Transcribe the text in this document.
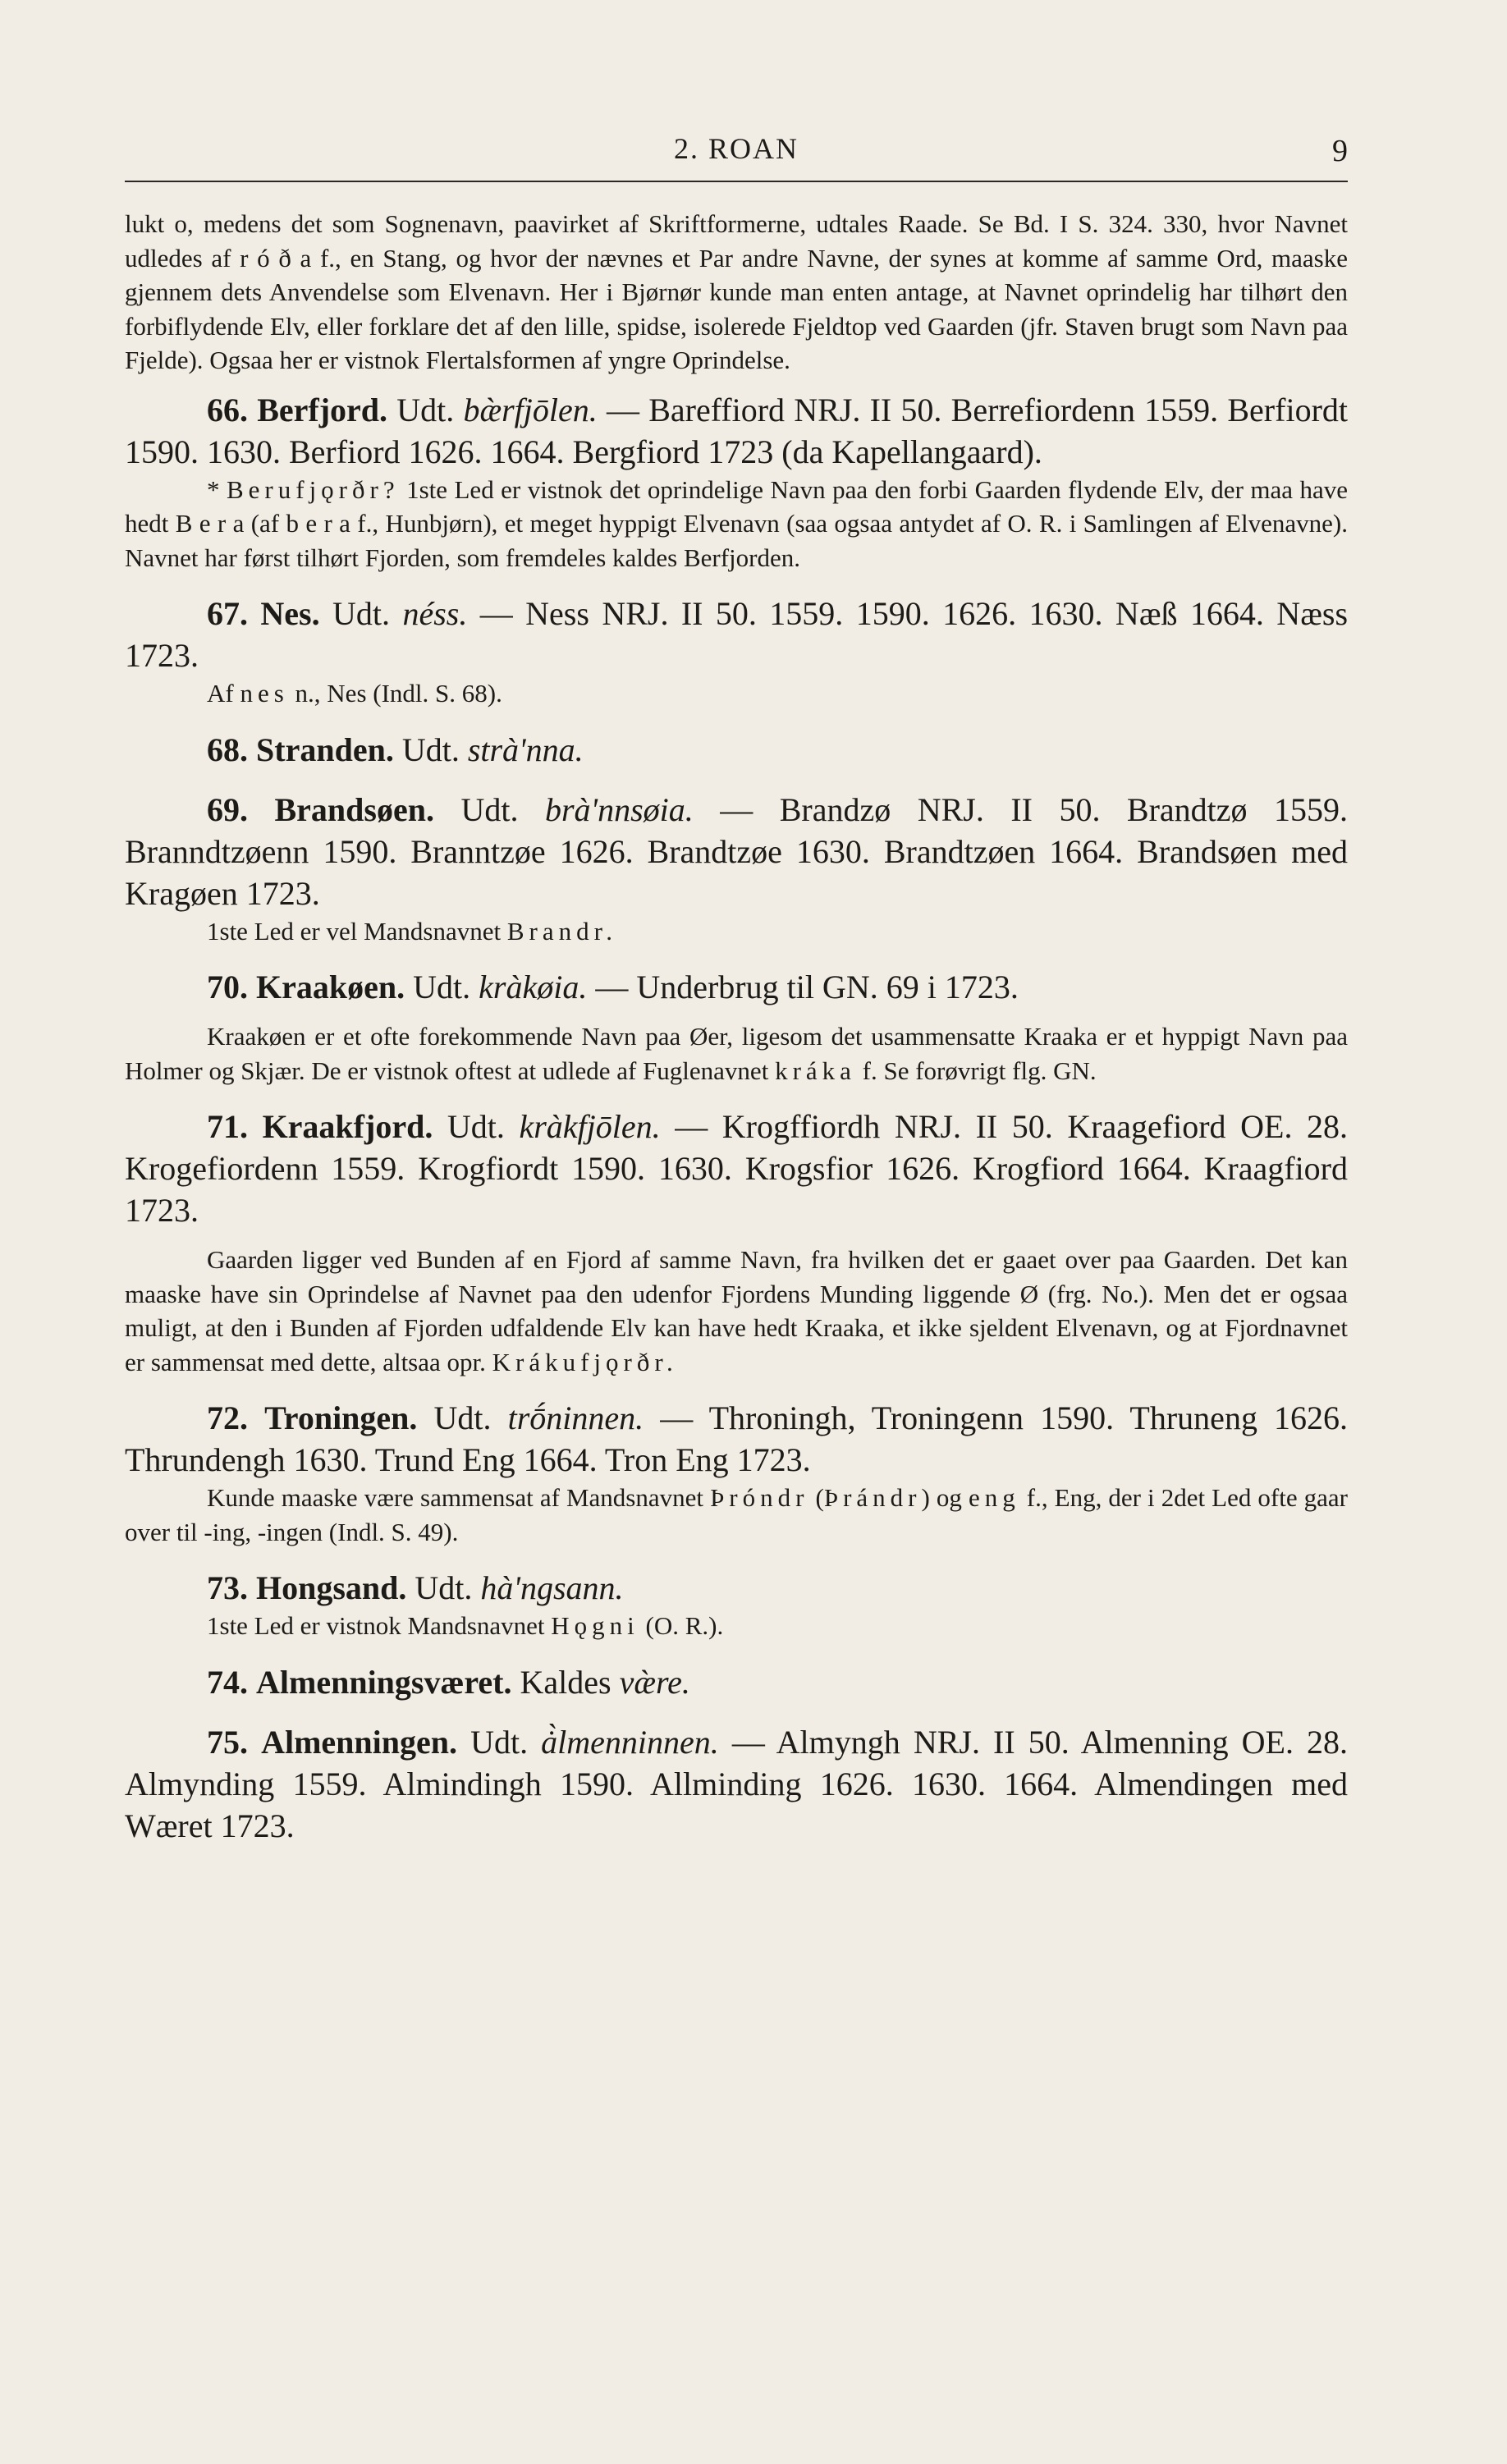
2. ROAN	9

lukt o, medens det som Sognenavn, paavirket af Skriftformerne, udtales Raade. Se Bd. I S. 324. 330, hvor Navnet udledes af r ó ð a f., en Stang, og hvor der nævnes et Par andre Navne, der synes at komme af samme Ord, maaske gjennem dets Anvendelse som Elvenavn. Her i Bjørnør kunde man enten antage, at Navnet oprindelig har tilhørt den forbiflydende Elv, eller forklare det af den lille, spidse, isolerede Fjeldtop ved Gaarden (jfr. Staven brugt som Navn paa Fjelde). Ogsaa her er vistnok Flertalsformen af yngre Oprindelse.

66. Berfjord. Udt. bæ̀rfjōlen. — Bareffiord NRJ. II 50. Berrefiordenn 1559. Berfiordt 1590. 1630. Berfiord 1626. 1664. Bergfiord 1723 (da Kapellangaard).

* Berufjǫrðr? 1ste Led er vistnok det oprindelige Navn paa den forbi Gaarden flydende Elv, der maa have hedt B e r a (af b e r a f., Hunbjørn), et meget hyppigt Elvenavn (saa ogsaa antydet af O. R. i Samlingen af Elvenavne). Navnet har først tilhørt Fjorden, som fremdeles kaldes Berfjorden.

67. Nes. Udt. néss. — Ness NRJ. II 50. 1559. 1590. 1626. 1630. Næß 1664. Næss 1723.

Af nes n., Nes (Indl. S. 68).

68. Stranden. Udt. strà'nna.

69. Brandsøen. Udt. brà'nnsøia. — Brandzø NRJ. II 50. Brandtzø 1559. Branndtzøenn 1590. Branntzøe 1626. Brandtzøe 1630. Brandtzøen 1664. Brandsøen med Kragøen 1723.

1ste Led er vel Mandsnavnet Brandr.

70. Kraakøen. Udt. kràkøia. — Underbrug til GN. 69 i 1723.

Kraakøen er et ofte forekommende Navn paa Øer, ligesom det usammensatte Kraaka er et hyppigt Navn paa Holmer og Skjær. De er vistnok oftest at udlede af Fuglenavnet kráka f. Se forøvrigt flg. GN.

71. Kraakfjord. Udt. kràkfjōlen. — Krogffiordh NRJ. II 50. Kraagefiord OE. 28. Krogefiordenn 1559. Krogfiordt 1590. 1630. Krogsfior 1626. Krogfiord 1664. Kraagfiord 1723.

Gaarden ligger ved Bunden af en Fjord af samme Navn, fra hvilken det er gaaet over paa Gaarden. Det kan maaske have sin Oprindelse af Navnet paa den udenfor Fjordens Munding liggende Ø (frg. No.). Men det er ogsaa muligt, at den i Bunden af Fjorden udfaldende Elv kan have hedt Kraaka, et ikke sjeldent Elvenavn, og at Fjordnavnet er sammensat med dette, altsaa opr. Krákufjǫrðr.

72. Troningen. Udt. trṓninnen. — Throningh, Troningenn 1590. Thruneng 1626. Thrundengh 1630. Trund Eng 1664. Tron Eng 1723.

Kunde maaske være sammensat af Mandsnavnet Þróndr (Þrándr) og eng f., Eng, der i 2det Led ofte gaar over til -ing, -ingen (Indl. S. 49).

73. Hongsand. Udt. hà'ngsann.

1ste Led er vistnok Mandsnavnet Hǫgni (O. R.).

74. Almenningsværet. Kaldes væ̀re.

75. Almenningen. Udt. ȧ̀lmenninnen. — Almyngh NRJ. II 50. Almenning OE. 28. Almynding 1559. Almindingh 1590. Allminding 1626. 1630. 1664. Almendingen med Wæret 1723.
